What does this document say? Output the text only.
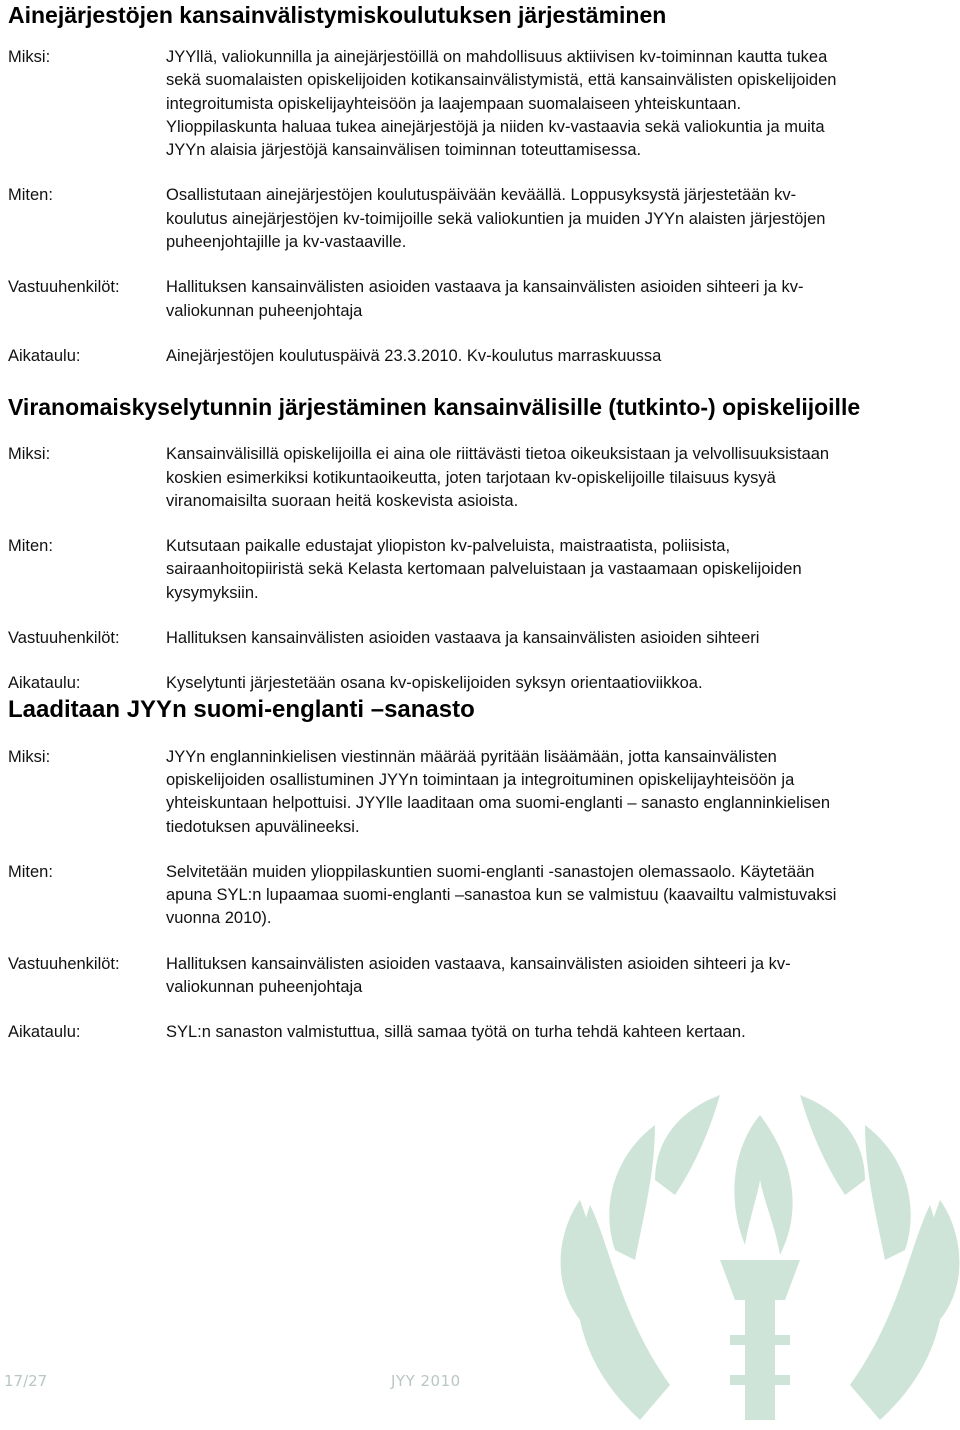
Ainejärjestöjen kansainvälistymiskoulutuksen järjestäminen
Miksi:	JYYllä, valiokunnilla ja ainejärjestöillä on mahdollisuus aktiivisen kv-toiminnan kautta tukea sekä suomalaisten opiskelijoiden kotikansainvälistymistä, että kansainvälisten opiskelijoiden integroitumista opiskelijayhteisöön ja laajempaan suomalaiseen yhteiskuntaan. Ylioppilaskunta haluaa tukea ainejärjestöjä ja niiden kv-vastaavia sekä valiokuntia ja muita JYYn alaisia järjestöjä kansainvälisen toiminnan toteuttamisessa.
Miten:	Osallistutaan ainejärjestöjen koulutuspäivään keväällä. Loppusyksystä järjestetään kv-koulutus ainejärjestöjen kv-toimijoille sekä valiokuntien ja muiden JYYn alaisten järjestöjen puheenjohtajille ja kv-vastaaville.
Vastuuhenkilöt:	Hallituksen kansainvälisten asioiden vastaava ja kansainvälisten asioiden sihteeri ja kv-valiokunnan puheenjohtaja
Aikataulu:	Ainejärjestöjen koulutuspäivä 23.3.2010. Kv-koulutus marraskuussa
Viranomaiskyselytunnin järjestäminen kansainvälisille (tutkinto-) opiskelijoille
Miksi:	Kansainvälisillä opiskelijoilla ei aina ole riittävästi tietoa oikeuksistaan ja velvollisuuksistaan koskien esimerkiksi kotikuntaoikeutta, joten tarjotaan kv-opiskelijoille tilaisuus kysyä viranomaisilta suoraan heitä koskevista asioista.
Miten:	Kutsutaan paikalle edustajat yliopiston kv-palveluista, maistraatista, poliisista, sairaanhoitopiiristä sekä Kelasta kertomaan palveluistaan ja vastaamaan opiskelijoiden kysymyksiin.
Vastuuhenkilöt:	Hallituksen kansainvälisten asioiden vastaava ja kansainvälisten asioiden sihteeri
Aikataulu:	Kyselytunti järjestetään osana kv-opiskelijoiden syksyn orientaatioviikkoa.
Laaditaan JYYn suomi-englanti –sanasto
Miksi:	JYYn englanninkielisen viestinnän määrää pyritään lisäämään, jotta kansainvälisten opiskelijoiden osallistuminen JYYn toimintaan ja integroituminen opiskelijayhteisöön ja yhteiskuntaan helpottuisi. JYYlle laaditaan oma suomi-englanti – sanasto englanninkielisen tiedotuksen apuvälineeksi.
Miten:	Selvitetään muiden ylioppilaskuntien suomi-englanti -sanastojen olemassaolo. Käytetään apuna SYL:n lupaamaa suomi-englanti –sanastoa kun se valmistuu (kaavailtu valmistuvaksi vuonna 2010).
Vastuuhenkilöt:	Hallituksen kansainvälisten asioiden vastaava, kansainvälisten asioiden sihteeri ja kv-valiokunnan puheenjohtaja
Aikataulu:	SYL:n sanaston valmistuttua, sillä samaa työtä on turha tehdä kahteen kertaan.
17/27	JYY 2010
